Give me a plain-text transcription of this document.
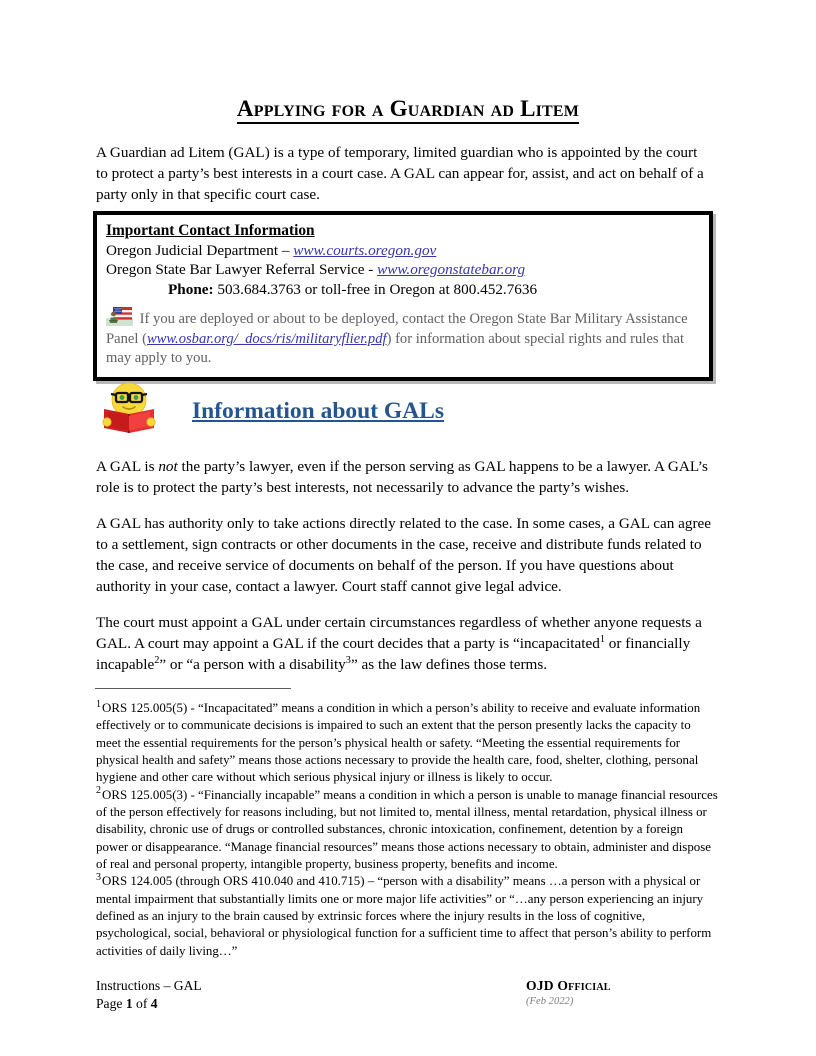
Applying for a Guardian ad Litem
A Guardian ad Litem (GAL) is a type of temporary, limited guardian who is appointed by the court to protect a party’s best interests in a court case. A GAL can appear for, assist, and act on behalf of a party only in that specific court case.
Important Contact Information
Oregon Judicial Department – www.courts.oregon.gov
Oregon State Bar Lawyer Referral Service - www.oregonstatebar.org
Phone: 503.684.3763 or toll-free in Oregon at 800.452.7636
If you are deployed or about to be deployed, contact the Oregon State Bar Military Assistance Panel (www.osbar.org/_docs/ris/militaryflier.pdf) for information about special rights and rules that may apply to you.
Information about GALs

A GAL is not the party’s lawyer, even if the person serving as GAL happens to be a lawyer. A GAL’s role is to protect the party’s best interests, not necessarily to advance the party’s wishes.

A GAL has authority only to take actions directly related to the case. In some cases, a GAL can agree to a settlement, sign contracts or other documents in the case, receive and distribute funds related to the case, and receive service of documents on behalf of the person. If you have questions about authority in your case, contact a lawyer. Court staff cannot give legal advice.

The court must appoint a GAL under certain circumstances regardless of whether anyone requests a GAL. A court may appoint a GAL if the court decides that a party is “incapacitated$^1$ or financially incapable$^2$” or “a person with a disability$^3$” as the law defines those terms.

$^1$ORS 125.005(5) - “Incapacitated” means a condition in which a person’s ability to receive and evaluate information effectively or to communicate decisions is impaired to such an extent that the person presently lacks the capacity to meet the essential requirements for the person’s physical health or safety. “Meeting the essential requirements for physical health and safety” means those actions necessary to provide the health care, food, shelter, clothing, personal hygiene and other care without which serious physical injury or illness is likely to occur.

$^2$ORS 125.005(3) - “Financially incapable” means a condition in which a person is unable to manage financial resources of the person effectively for reasons including, but not limited to, mental illness, mental retardation, physical illness or disability, chronic use of drugs or controlled substances, chronic intoxication, confinement, detention by a foreign power or disappearance. “Manage financial resources” means those actions necessary to obtain, administer and dispose of real and personal property, intangible property, business property, benefits and income.

$^3$ORS 124.005 (through ORS 410.040 and 410.715) – “person with a disability” means …a person with a physical or mental impairment that substantially limits one or more major life activities” or “…any person experiencing an injury defined as an injury to the brain caused by extrinsic forces where the injury results in the loss of cognitive, psychological, social, behavioral or physiological function for a sufficient time to affect that person’s ability to perform activities of daily living…”

Instructions – GAL
Page 1 of 4
OJD Official
(Feb 2022)
